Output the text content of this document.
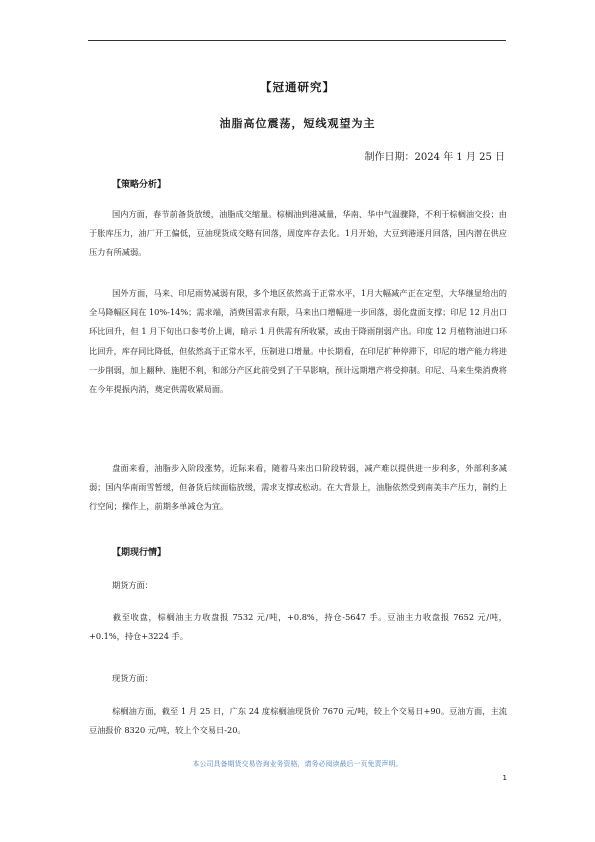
【冠通研究】
油脂高位震荡，短线观望为主
制作日期：2024 年 1 月 25 日
【策略分析】

国内方面，春节前备货放缓，油脂成交缩量。棕榈油到港减量，华南、华中气温骤降，不利于棕榈油交投；由于胀库压力，油厂开工偏低，豆油现货成交略有回落，周度库存去化。1月开始，大豆到港逐月回落，国内潜在供应压力有所减弱。

国外方面，马来、印尼雨势减弱有限，多个地区依然高于正常水平，1月大幅减产正在定型，大华继显给出的全马降幅区间在 10%-14%；需求端，消费国需求有限，马来出口增幅进一步回落，弱化盘面支撑；印尼 12 月出口环比回升，但 1 月下旬出口参考价上调，暗示 1 月供需有所收紧，或由于降雨削弱产出。印度 12 月植物油进口环比回升，库存同比降低，但依然高于正常水平，压制进口增量。中长期看，在印尼扩种停滞下，印尼的增产能力将进一步削弱，加上翻种、施肥不利，和部分产区此前受到了干旱影响，预计远期增产将受抑制。印尼、马来生柴消费将在今年提振内消，奠定供需收紧局面。

盘面来看，油脂步入阶段涨势，近际来看，随着马来出口阶段转弱，减产难以提供进一步利多，外部利多减弱；国内华南雨雪暂缓，但备货后续面临放缓，需求支撑或松动。在大背景上，油脂依然受到南美丰产压力，制约上行空间；操作上，前期多单减仓为宜。

【期现行情】
期货方面：

截至收盘，棕榈油主力收盘报 7532 元/吨，+0.8%，持仓-5647 手。豆油主力收盘报 7652 元/吨，+0.1%，持仓+3224 手。

现货方面：

棕榈油方面，截至 1 月 25 日，广东 24 度棕榈油现货价 7670 元/吨，较上个交易日+90。豆油方面，主流豆油报价 8320 元/吨，较上个交易日-20。

本公司具备期货交易咨询业务资格，请务必阅读最后一页免责声明。
1
